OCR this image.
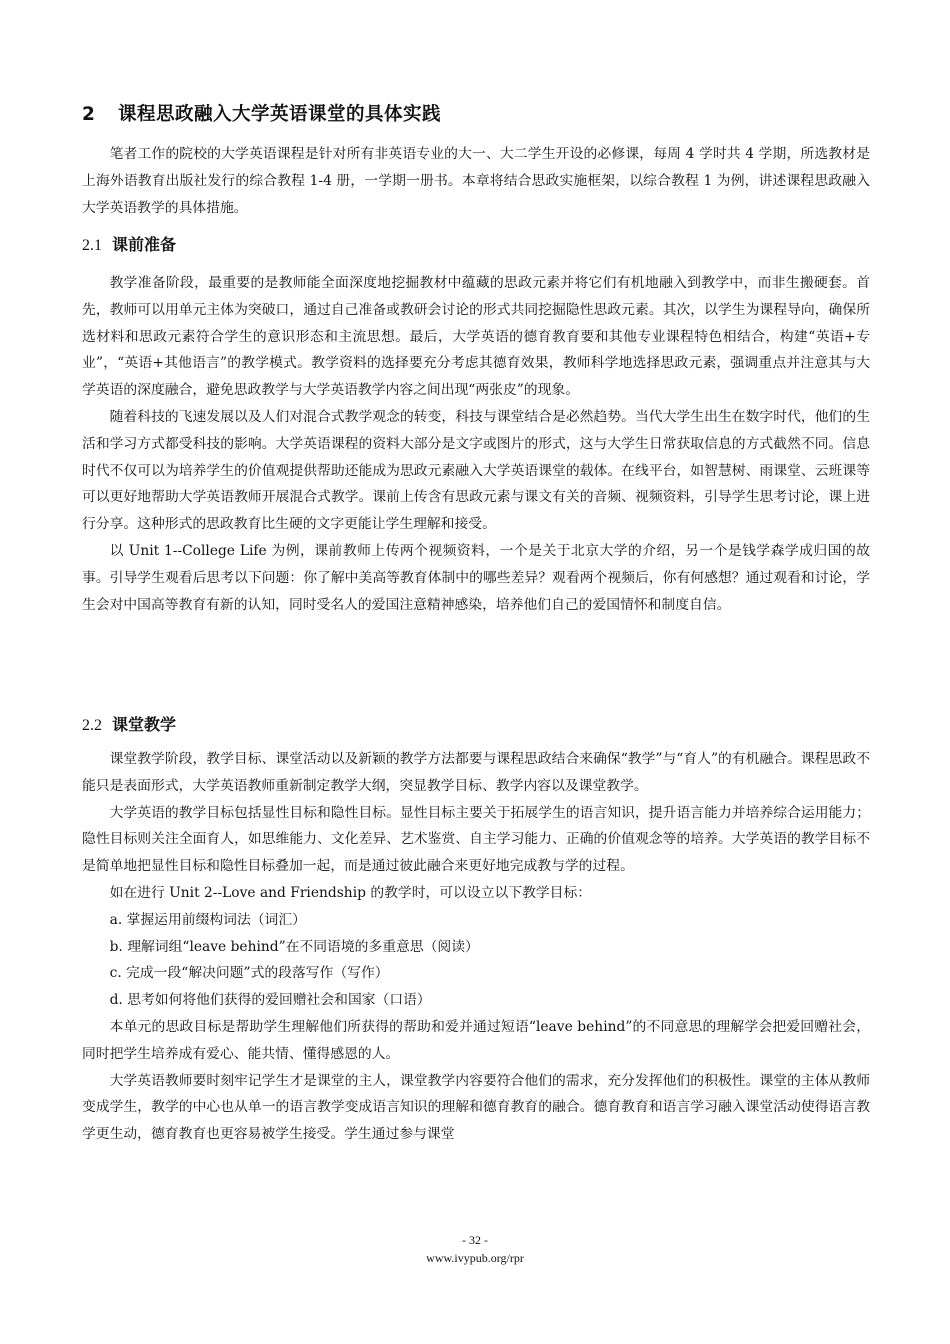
2 课程思政融入大学英语课堂的具体实践

笔者工作的院校的大学英语课程是针对所有非英语专业的大一、大二学生开设的必修课，每周 4 学时共 4 学期，所选教材是上海外语教育出版社发行的综合教程 1-4 册，一学期一册书。本章将结合思政实施框架，以综合教程 1 为例，讲述课程思政融入大学英语教学的具体措施。

2.1 课前准备

教学准备阶段，最重要的是教师能全面深度地挖掘教材中蕴藏的思政元素并将它们有机地融入到教学中，而非生搬硬套。首先，教师可以用单元主体为突破口，通过自己准备或教研会讨论的形式共同挖掘隐性思政元素。其次，以学生为课程导向，确保所选材料和思政元素符合学生的意识形态和主流思想。最后，大学英语的德育教育要和其他专业课程特色相结合，构建“英语+专业”，“英语+其他语言”的教学模式。教学资料的选择要充分考虑其德育效果，教师科学地选择思政元素，强调重点并注意其与大学英语的深度融合，避免思政教学与大学英语教学内容之间出现“两张皮”的现象。

随着科技的飞速发展以及人们对混合式教学观念的转变，科技与课堂结合是必然趋势。当代大学生出生在数字时代，他们的生活和学习方式都受科技的影响。大学英语课程的资料大部分是文字或图片的形式，这与大学生日常获取信息的方式截然不同。信息时代不仅可以为培养学生的价值观提供帮助还能成为思政元素融入大学英语课堂的载体。在线平台，如智慧树、雨课堂、云班课等可以更好地帮助大学英语教师开展混合式教学。课前上传含有思政元素与课文有关的音频、视频资料，引导学生思考讨论，课上进行分享。这种形式的思政教育比生硬的文字更能让学生理解和接受。

以 Unit 1--College Life 为例，课前教师上传两个视频资料，一个是关于北京大学的介绍，另一个是钱学森学成归国的故事。引导学生观看后思考以下问题：你了解中美高等教育体制中的哪些差异？观看两个视频后，你有何感想？通过观看和讨论，学生会对中国高等教育有新的认知，同时受名人的爱国注意精神感染，培养他们自己的爱国情怀和制度自信。

2.2 课堂教学

课堂教学阶段，教学目标、课堂活动以及新颖的教学方法都要与课程思政结合来确保“教学”与“育人”的有机融合。课程思政不能只是表面形式，大学英语教师重新制定教学大纲，突显教学目标、教学内容以及课堂教学。

大学英语的教学目标包括显性目标和隐性目标。显性目标主要关于拓展学生的语言知识，提升语言能力并培养综合运用能力；隐性目标则关注全面育人，如思维能力、文化差异、艺术鉴赏、自主学习能力、正确的价值观念等的培养。大学英语的教学目标不是简单地把显性目标和隐性目标叠加一起，而是通过彼此融合来更好地完成教与学的过程。

如在进行 Unit 2--Love and Friendship 的教学时，可以设立以下教学目标：

a. 掌握运用前缀构词法（词汇）
b. 理解词组“leave behind”在不同语境的多重意思（阅读）
c. 完成一段“解决问题”式的段落写作（写作）
d. 思考如何将他们获得的爱回赠社会和国家（口语）

本单元的思政目标是帮助学生理解他们所获得的帮助和爱并通过短语“leave behind”的不同意思的理解学会把爱回赠社会，同时把学生培养成有爱心、能共情、懂得感恩的人。

大学英语教师要时刻牢记学生才是课堂的主人，课堂教学内容要符合他们的需求，充分发挥他们的积极性。课堂的主体从教师变成学生，教学的中心也从单一的语言教学变成语言知识的理解和德育教育的融合。德育教育和语言学习融入课堂活动使得语言教学更生动，德育教育也更容易被学生接受。学生通过参与课堂

- 32 -
www.ivypub.org/rpr
